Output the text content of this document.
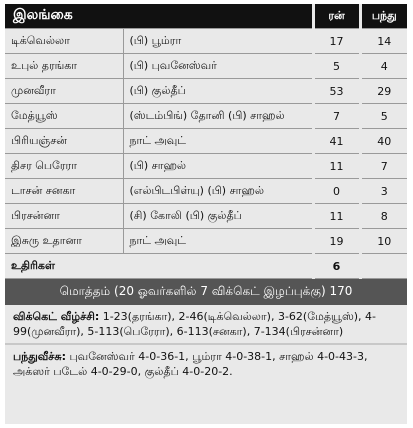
இலங்கை		ரன்	பந்து
டிக்வெல்லா	(பி) பூம்ரா	17	14
உபுல் தரங்கா	(பி) புவனேஸ்வர்	5	4
முனவீரா	(பி) குல்தீப்	53	29
மேத்யூஸ்	(ஸ்டம்பிங்) தோனி (பி) சாஹல்	7	5
பிரியஞ்சன்	நாட் அவுட்	41	40
திசர பெரேரா	(பி) சாஹல்	11	7
டாசன் சனகா	(எல்பிடபிள்யு) (பி) சாஹல்	0	3
பிரசன்னா	(சி) கோலி (பி) குல்தீப்	11	8
இசுரு உதானா	நாட் அவுட்	19	10
உதிரிகள்		6	
மொத்தம் (20 ஓவர்களில் 7 விக்கெட் இழப்புக்கு) 170
விக்கெட் வீழ்ச்சி: 1-23(தரங்கா), 2-46(டிக்வெல்லா), 3-62(மேத்யூஸ்), 4-99(முனவீரா), 5-113(பெரேரா), 6-113(சனகா), 7-134(பிரசன்னா)
பந்துவீச்சு: புவனேஸ்வர் 4-0-36-1, பூம்ரா 4-0-38-1, சாஹல் 4-0-43-3, அக்ஸர் படேல் 4-0-29-0, குல்தீப் 4-0-20-2.
